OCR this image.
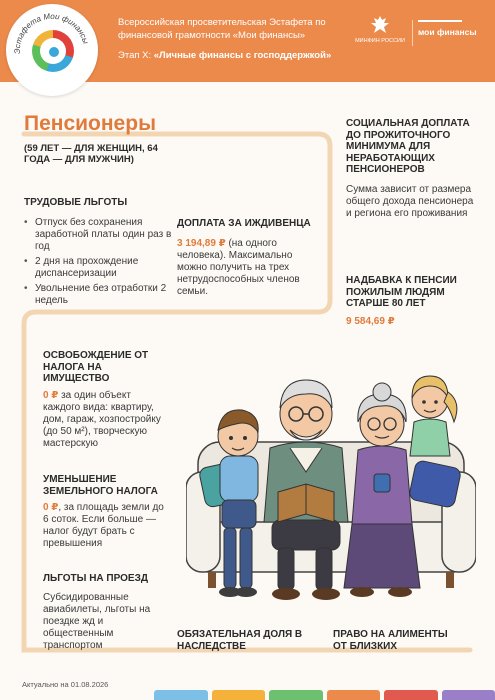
Всероссийская просветительская Эстафета по финансовой грамотности «Мои финансы»
Этап X: «Личные финансы с господдержкой»
МИНФИН РОССИИ
мои финансы
Эстафета Мои финансы
Пенсионеры
(59 ЛЕТ — ДЛЯ ЖЕНЩИН, 64 ГОДА — ДЛЯ МУЖЧИН)
ТРУДОВЫЕ ЛЬГОТЫ
• Отпуск без сохранения заработной платы один раз в год
• 2 дня на прохождение диспансеризации
• Увольнение без отработки 2 недель
ДОПЛАТА ЗА ИЖДИВЕНЦА
3 194,89 ₽ (на одного человека). Максимально можно получить на трех нетрудоспособных членов семьи.
СОЦИАЛЬНАЯ ДОПЛАТА ДО ПРОЖИТОЧНОГО МИНИМУМА ДЛЯ НЕРАБОТАЮЩИХ ПЕНСИОНЕРОВ
Сумма зависит от размера общего дохода пенсионера и региона его проживания
НАДБАВКА К ПЕНСИИ ПОЖИЛЫМ ЛЮДЯМ СТАРШЕ 80 ЛЕТ
9 584,69 ₽
ОСВОБОЖДЕНИЕ ОТ НАЛОГА НА ИМУЩЕСТВО
0 ₽ за один объект каждого вида: квартиру, дом, гараж, хозпостройку (до 50 м²), творческую мастерскую
УМЕНЬШЕНИЕ ЗЕМЕЛЬНОГО НАЛОГА
0 ₽, за площадь земли до 6 соток. Если больше — налог будут брать с превышения
ЛЬГОТЫ НА ПРОЕЗД
Субсидированные авиабилеты, льготы на поездке жд и общественным транспортом
ОБЯЗАТЕЛЬНАЯ ДОЛЯ В НАСЛЕДСТВЕ
ПРАВО НА АЛИМЕНТЫ ОТ БЛИЗКИХ
Актуально на 01.08.2026
